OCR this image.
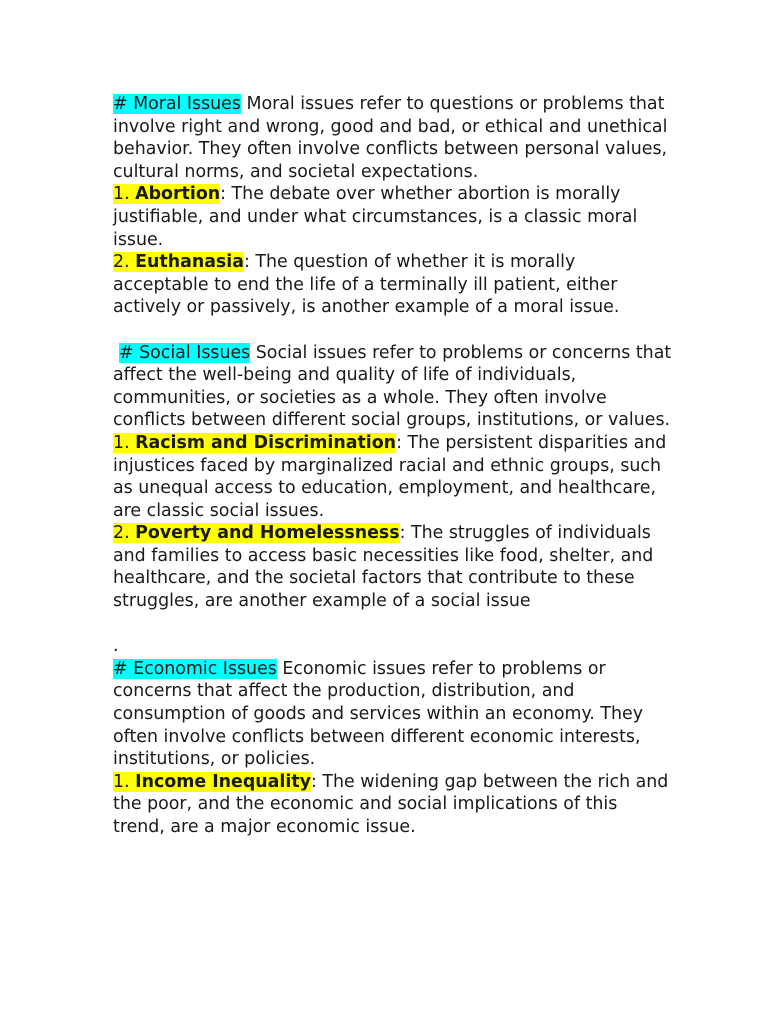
# Moral Issues Moral issues refer to questions or problems that involve right and wrong, good and bad, or ethical and unethical behavior. They often involve conflicts between personal values, cultural norms, and societal expectations.

1. Abortion: The debate over whether abortion is morally justifiable, and under what circumstances, is a classic moral issue.

2. Euthanasia: The question of whether it is morally acceptable to end the life of a terminally ill patient, either actively or passively, is another example of a moral issue.

# Social Issues Social issues refer to problems or concerns that affect the well-being and quality of life of individuals, communities, or societies as a whole. They often involve conflicts between different social groups, institutions, or values.

1. Racism and Discrimination: The persistent disparities and injustices faced by marginalized racial and ethnic groups, such as unequal access to education, employment, and healthcare, are classic social issues.

2. Poverty and Homelessness: The struggles of individuals and families to access basic necessities like food, shelter, and healthcare, and the societal factors that contribute to these struggles, are another example of a social issue

.

# Economic Issues Economic issues refer to problems or concerns that affect the production, distribution, and consumption of goods and services within an economy. They often involve conflicts between different economic interests, institutions, or policies.

1. Income Inequality: The widening gap between the rich and the poor, and the economic and social implications of this trend, are a major economic issue.
